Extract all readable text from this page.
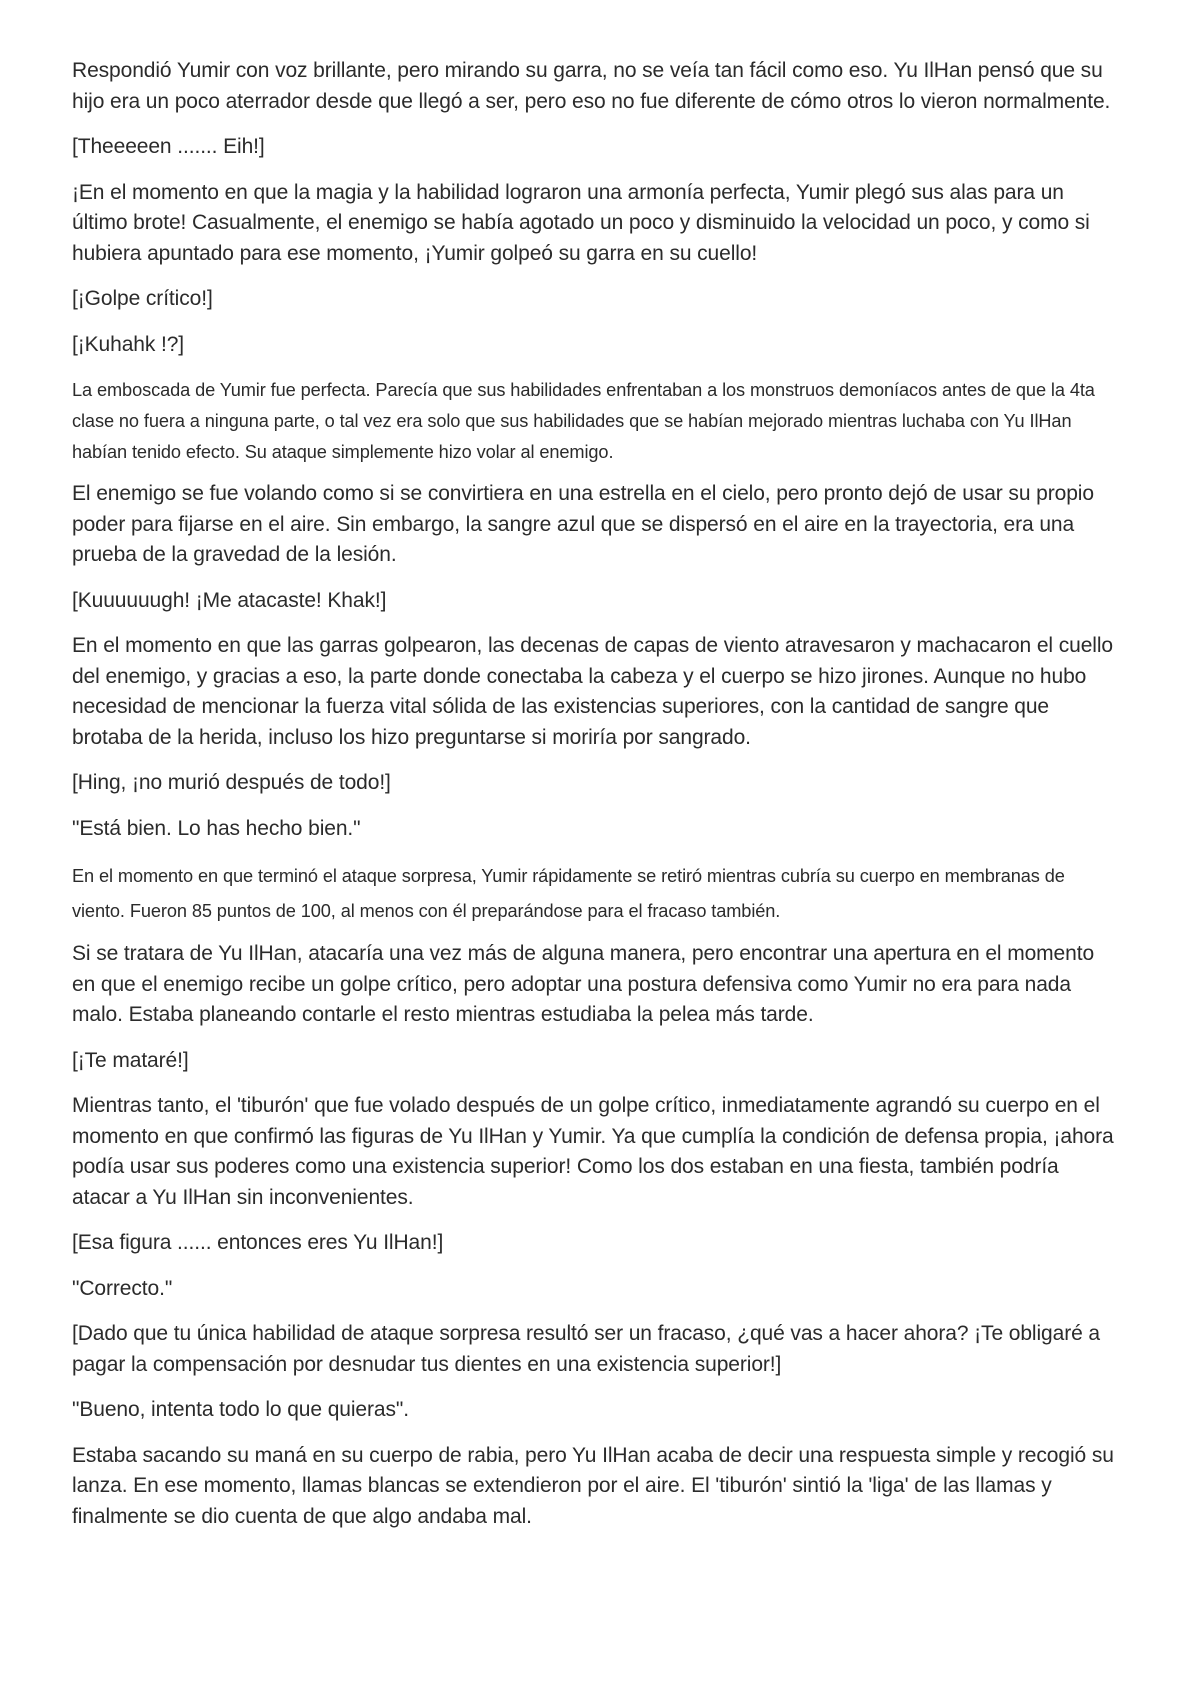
Respondió Yumir con voz brillante, pero mirando su garra, no se veía tan fácil como eso. Yu IlHan pensó que su hijo era un poco aterrador desde que llegó a ser, pero eso no fue diferente de cómo otros lo vieron normalmente.

[Theeeeen ....... Eih!]

¡En el momento en que la magia y la habilidad lograron una armonía perfecta, Yumir plegó sus alas para un último brote! Casualmente, el enemigo se había agotado un poco y disminuido la velocidad un poco, y como si hubiera apuntado para ese momento, ¡Yumir golpeó su garra en su cuello!

[¡Golpe crítico!]

[¡Kuhahk !?]

La emboscada de Yumir fue perfecta. Parecía que sus habilidades enfrentaban a los monstruos demoníacos antes de que la 4ta clase no fuera a ninguna parte, o tal vez era solo que sus habilidades que se habían mejorado mientras luchaba con Yu IlHan habían tenido efecto. Su ataque simplemente hizo volar al enemigo.

El enemigo se fue volando como si se convirtiera en una estrella en el cielo, pero pronto dejó de usar su propio poder para fijarse en el aire. Sin embargo, la sangre azul que se dispersó en el aire en la trayectoria, era una prueba de la gravedad de la lesión.

[Kuuuuuugh! ¡Me atacaste! Khak!]

En el momento en que las garras golpearon, las decenas de capas de viento atravesaron y machacaron el cuello del enemigo, y gracias a eso, la parte donde conectaba la cabeza y el cuerpo se hizo jirones. Aunque no hubo necesidad de mencionar la fuerza vital sólida de las existencias superiores, con la cantidad de sangre que brotaba de la herida, incluso los hizo preguntarse si moriría por sangrado.

[Hing, ¡no murió después de todo!]

"Está bien. Lo has hecho bien."

En el momento en que terminó el ataque sorpresa, Yumir rápidamente se retiró mientras cubría su cuerpo en membranas de viento. Fueron 85 puntos de 100, al menos con él preparándose para el fracaso también.

Si se tratara de Yu IlHan, atacaría una vez más de alguna manera, pero encontrar una apertura en el momento en que el enemigo recibe un golpe crítico, pero adoptar una postura defensiva como Yumir no era para nada malo. Estaba planeando contarle el resto mientras estudiaba la pelea más tarde.

[¡Te mataré!]

Mientras tanto, el 'tiburón' que fue volado después de un golpe crítico, inmediatamente agrandó su cuerpo en el momento en que confirmó las figuras de Yu IlHan y Yumir. Ya que cumplía la condición de defensa propia, ¡ahora podía usar sus poderes como una existencia superior! Como los dos estaban en una fiesta, también podría atacar a Yu IlHan sin inconvenientes.

[Esa figura ...... entonces eres Yu IlHan!]

"Correcto."

[Dado que tu única habilidad de ataque sorpresa resultó ser un fracaso, ¿qué vas a hacer ahora? ¡Te obligaré a pagar la compensación por desnudar tus dientes en una existencia superior!]

"Bueno, intenta todo lo que quieras".

Estaba sacando su maná en su cuerpo de rabia, pero Yu IlHan acaba de decir una respuesta simple y recogió su lanza. En ese momento, llamas blancas se extendieron por el aire. El 'tiburón' sintió la 'liga' de las llamas y finalmente se dio cuenta de que algo andaba mal.
